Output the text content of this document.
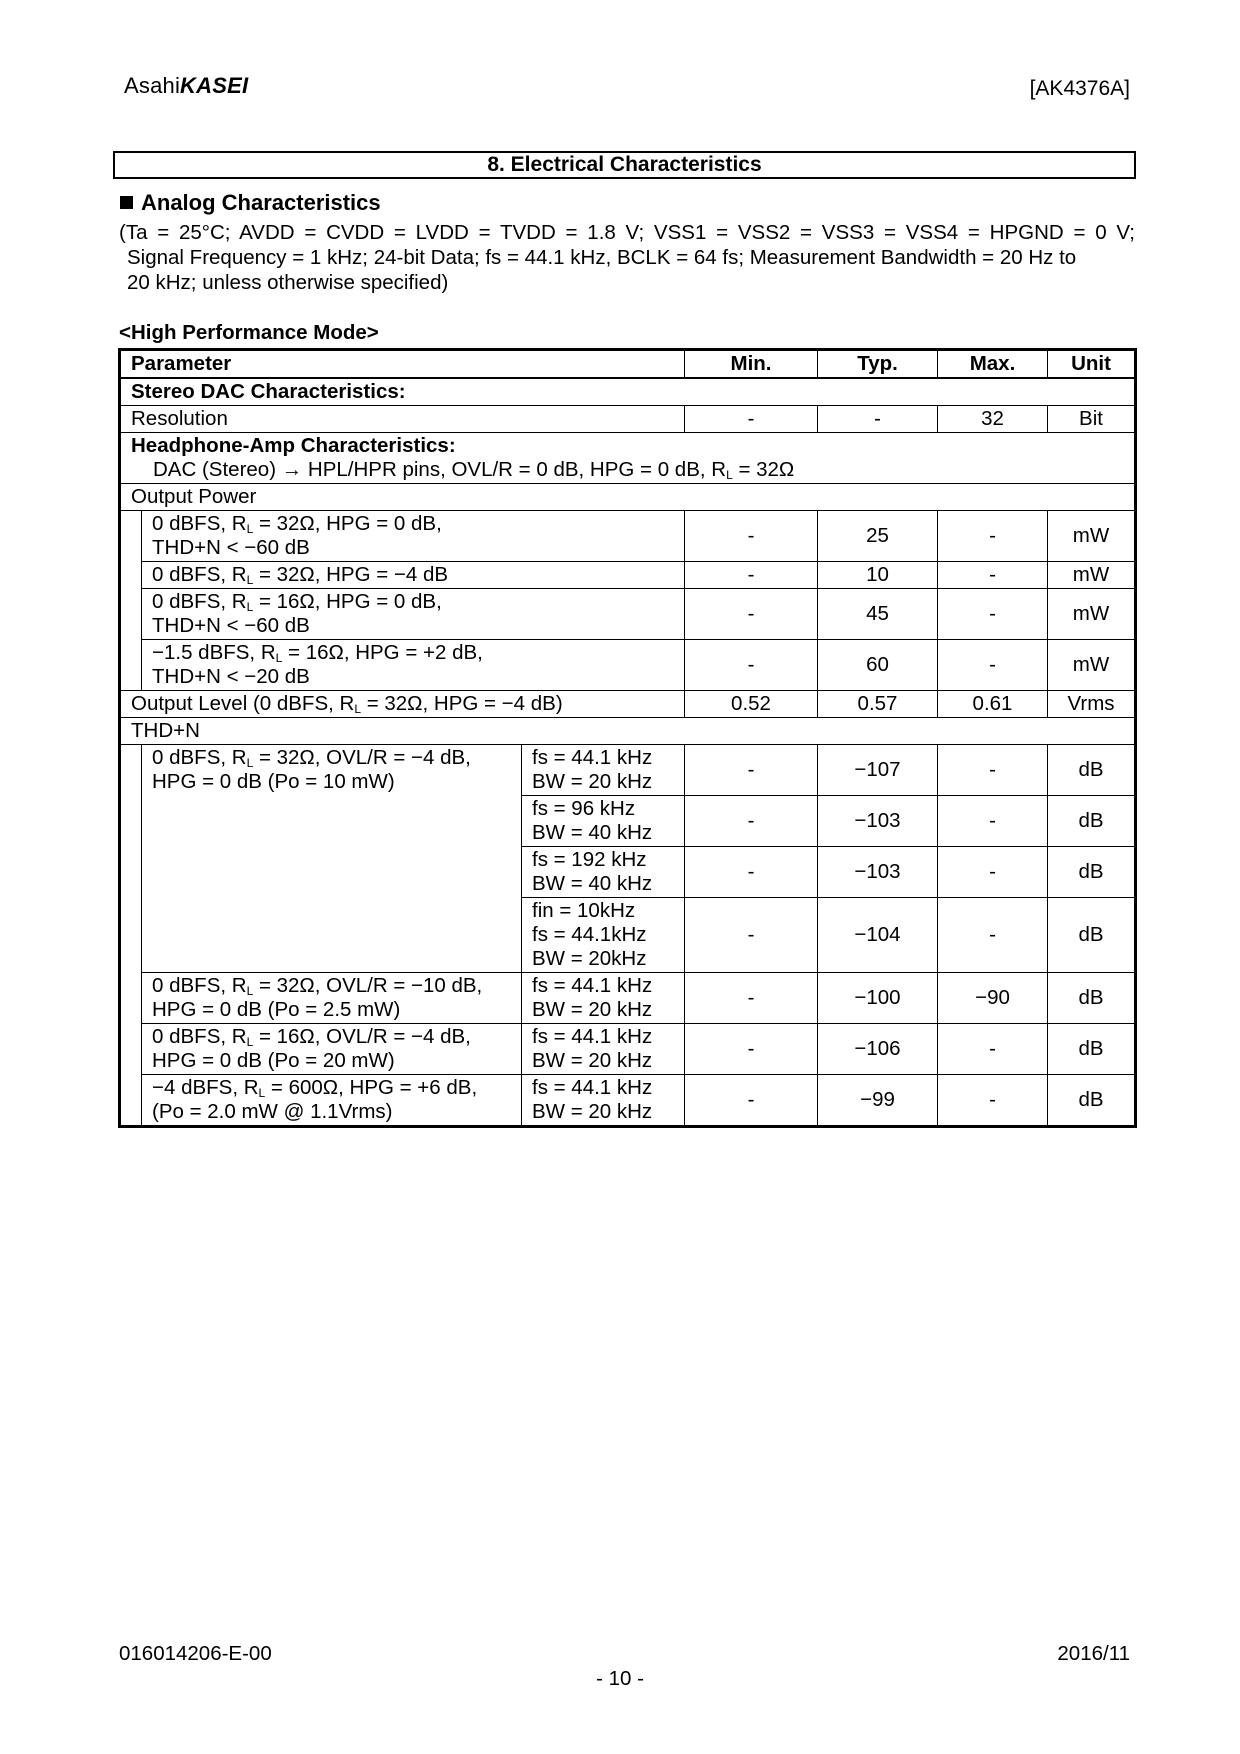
AsahiKASEI	[AK4376A]
8. Electrical Characteristics
Analog Characteristics
(Ta = 25°C; AVDD = CVDD = LVDD = TVDD = 1.8 V; VSS1 = VSS2 = VSS3 = VSS4 = HPGND = 0 V;
Signal Frequency = 1 kHz; 24-bit Data; fs = 44.1 kHz, BCLK = 64 fs; Measurement Bandwidth = 20 Hz to
20 kHz; unless otherwise specified)
<High Performance Mode>
Parameter			Min.	Typ.	Max.	Unit
Stereo DAC Characteristics:						
Resolution			-	-	32	Bit
Headphone-Amp Characteristics:

DAC (Stereo) → HPL/HPR pins, OVL/R = 0 dB, HPG = 0 dB, $R_L = 32\Omega$						

Output Power						
	0 dBFS, $R_L = 32\Omega$, HPG = 0 dB,
THD+N < −60 dB		-	25	-	mW
	0 dBFS, $R_L = 32\Omega$, HPG = −4 dB		-	10	-	mW
	0 dBFS, $R_L = 16\Omega$, HPG = 0 dB,
THD+N < −60 dB		-	45	-	mW
	−1.5 dBFS, $R_L = 16\Omega$, HPG = +2 dB,
THD+N < −20 dB		-	60	-	mW
Output Level (0 dBFS, $R_L = 32\Omega$, HPG = −4 dB)			0.52	0.57	0.61	Vrms
THD+N						
	0 dBFS, $R_L = 32\Omega$, OVL/R = −4 dB,
HPG = 0 dB (Po = 10 mW)	fs = 44.1 kHz
BW = 20 kHz	-	−107	-	dB
		fs = 96 kHz
BW = 40 kHz	-	−103	-	dB
		fs = 192 kHz
BW = 40 kHz	-	−103	-	dB
		fin = 10kHz
fs = 44.1kHz
BW = 20kHz	-	−104	-	dB
	0 dBFS, $R_L = 32\Omega$, OVL/R = −10 dB,
HPG = 0 dB (Po = 2.5 mW)	fs = 44.1 kHz
BW = 20 kHz	-	−100	−90	dB
	0 dBFS, $R_L = 16\Omega$, OVL/R = −4 dB,
HPG = 0 dB (Po = 20 mW)	fs = 44.1 kHz
BW = 20 kHz	-	−106	-	dB
	−4 dBFS, $R_L = 600\Omega$, HPG = +6 dB,
(Po = 2.0 mW @ 1.1Vrms)	fs = 44.1 kHz
BW = 20 kHz	-	−99	-	dB
016014206-E-00	2016/11
- 10 -
